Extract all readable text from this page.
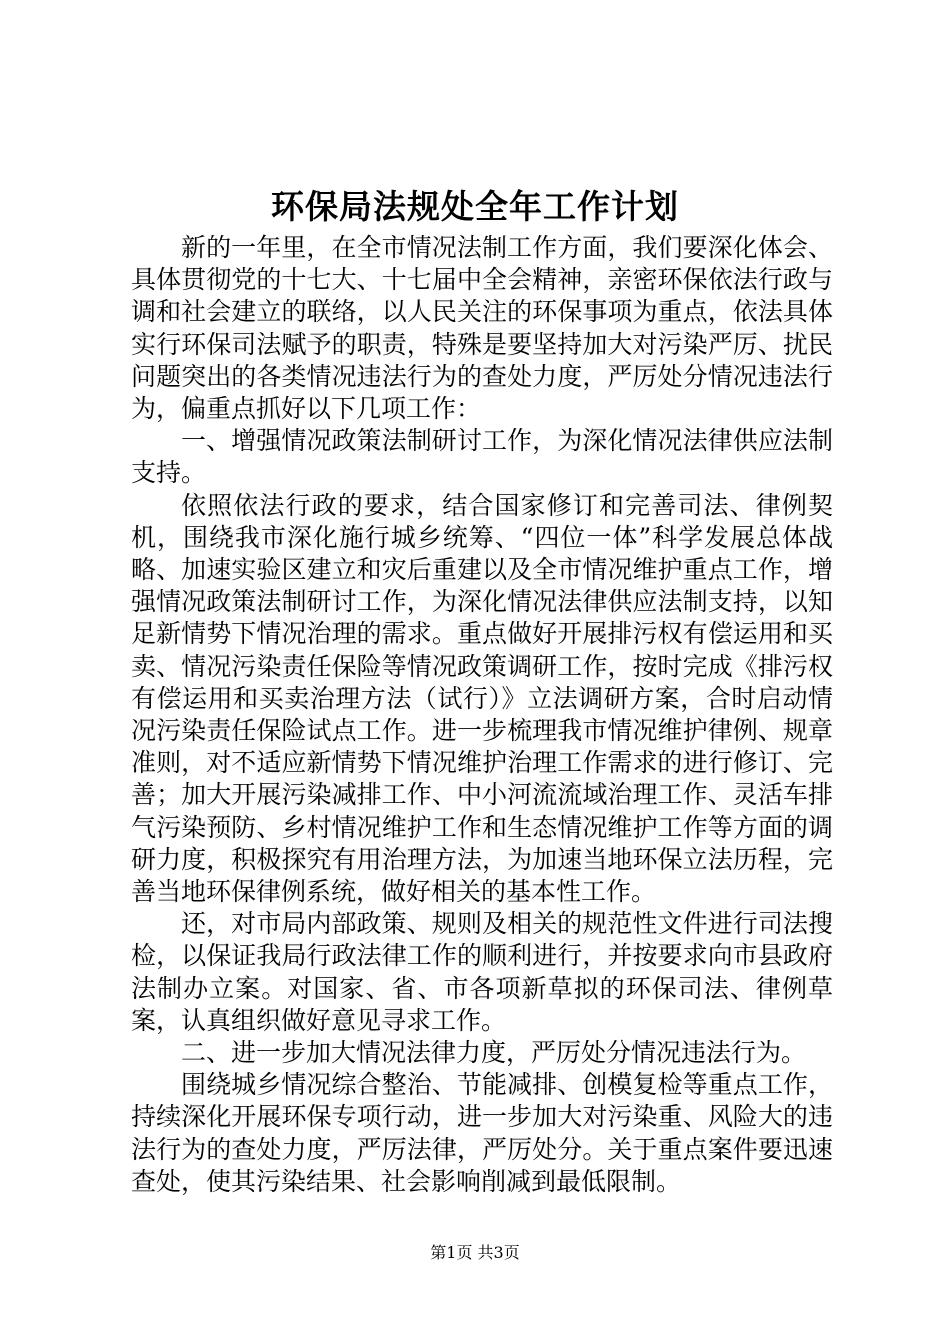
环保局法规处全年工作计划

新的一年里，在全市情况法制工作方面，我们要深化体会、具体贯彻党的十七大、十七届中全会精神，亲密环保依法行政与调和社会建立的联络，以人民关注的环保事项为重点，依法具体实行环保司法赋予的职责，特殊是要坚持加大对污染严厉、扰民问题突出的各类情况违法行为的查处力度，严厉处分情况违法行为，偏重点抓好以下几项工作：

一、增强情况政策法制研讨工作，为深化情况法律供应法制支持。

依照依法行政的要求，结合国家修订和完善司法、律例契机，围绕我市深化施行城乡统筹、“四位一体”科学发展总体战略、加速实验区建立和灾后重建以及全市情况维护重点工作，增强情况政策法制研讨工作，为深化情况法律供应法制支持，以知足新情势下情况治理的需求。重点做好开展排污权有偿运用和买卖、情况污染责任保险等情况政策调研工作，按时完成《排污权有偿运用和买卖治理方法（试行）》立法调研方案，合时启动情况污染责任保险试点工作。进一步梳理我市情况维护律例、规章准则，对不适应新情势下情况维护治理工作需求的进行修订、完善；加大开展污染减排工作、中小河流流域治理工作、灵活车排气污染预防、乡村情况维护工作和生态情况维护工作等方面的调研力度，积极探究有用治理方法，为加速当地环保立法历程，完善当地环保律例系统，做好相关的基本性工作。

还，对市局内部政策、规则及相关的规范性文件进行司法搜检，以保证我局行政法律工作的顺利进行，并按要求向市县政府法制办立案。对国家、省、市各项新草拟的环保司法、律例草案，认真组织做好意见寻求工作。

二、进一步加大情况法律力度，严厉处分情况违法行为。

围绕城乡情况综合整治、节能减排、创模复检等重点工作，持续深化开展环保专项行动，进一步加大对污染重、风险大的违法行为的查处力度，严厉法律，严厉处分。关于重点案件要迅速查处，使其污染结果、社会影响削减到最低限制。

第1页 共3页
